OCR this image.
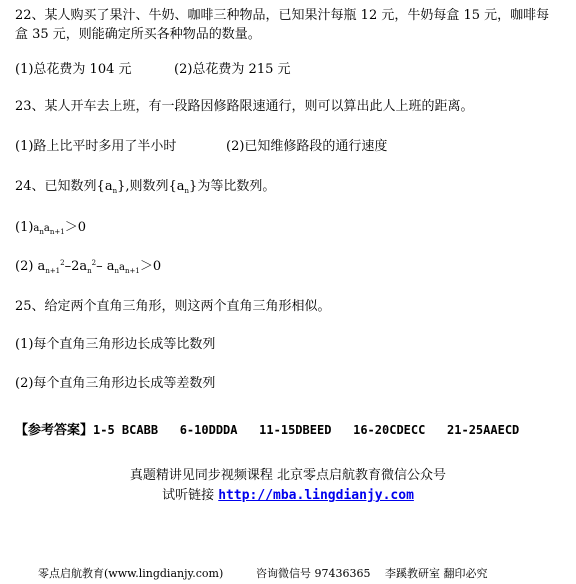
22、某人购买了果汁、牛奶、咖啡三种物品，已知果汁每瓶 12 元，牛奶每盒 15 元，咖啡每
盒 35 元，则能确定所买各种物品的数量。
(1)总花费为 104 元	(2)总花费为 215 元
23、某人开车去上班，有一段路因修路限速通行，则可以算出此人上班的距离。
(1)路上比平时多用了半小时	(2)已知维修路段的通行速度
24、已知数列$\{a_n\}$,则数列$\{a_n\}$为等比数列。
$(1)a_na_{n+1}>0$
(2) $a_{n+1}^2-2a_n^2-$ $a_na_{n+1}>0$
25、给定两个直角三角形，则这两个直角三角形相似。
(1)每个直角三角形边长成等比数列
(2)每个直角三角形边长成等差数列
【参考答案】1-5 BCABB   6-10DDDA   11-15DBEED   16-20CDECC   21-25AAECD
真题精讲见同步视频课程 北京零点启航教育微信公众号
试听链接 http://mba.lingdianjy.com
零点启航教育(www.lingdianjy.com)	咨询微信号 97436365 李蹊教研室 翻印必究
